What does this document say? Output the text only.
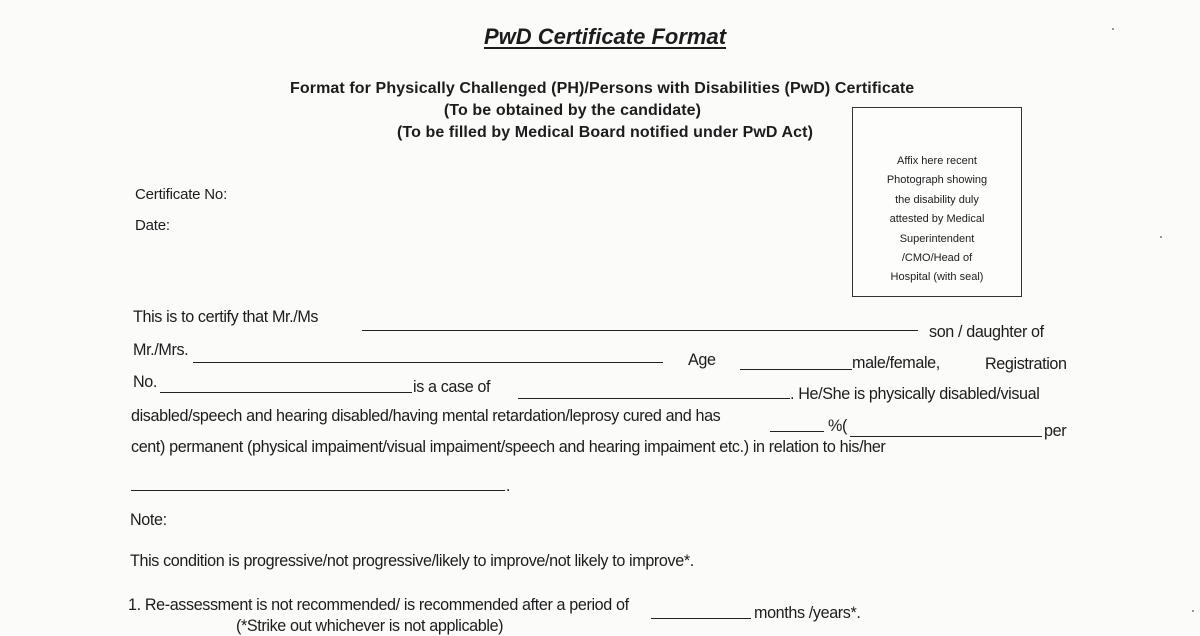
PwD Certificate Format
Format for Physically Challenged (PH)/Persons with Disabilities (PwD) Certificate
(To be obtained by the candidate)
(To be filled by Medical Board notified under PwD Act)
Affix here recent
Photograph showing
the disability duly
attested by Medical
Superintendent
/CMO/Head of
Hospital (with seal)
Certificate No:
Date:
This is to certify that Mr./Ms
son / daughter of
Mr./Mrs.
Age	male/female,	Registration
No.	is a case of	. He/She is physically disabled/visual
disabled/speech and hearing disabled/having mental retardation/leprosy cured and has
%(	per
cent) permanent (physical impaiment/visual impaiment/speech and hearing impaiment etc.) in relation to his/her
.
Note:
This condition is progressive/not progressive/likely to improve/not likely to improve*.
1. Re-assessment is not recommended/ is recommended after a period of	months /years*.
(*Strike out whichever is not applicable)
